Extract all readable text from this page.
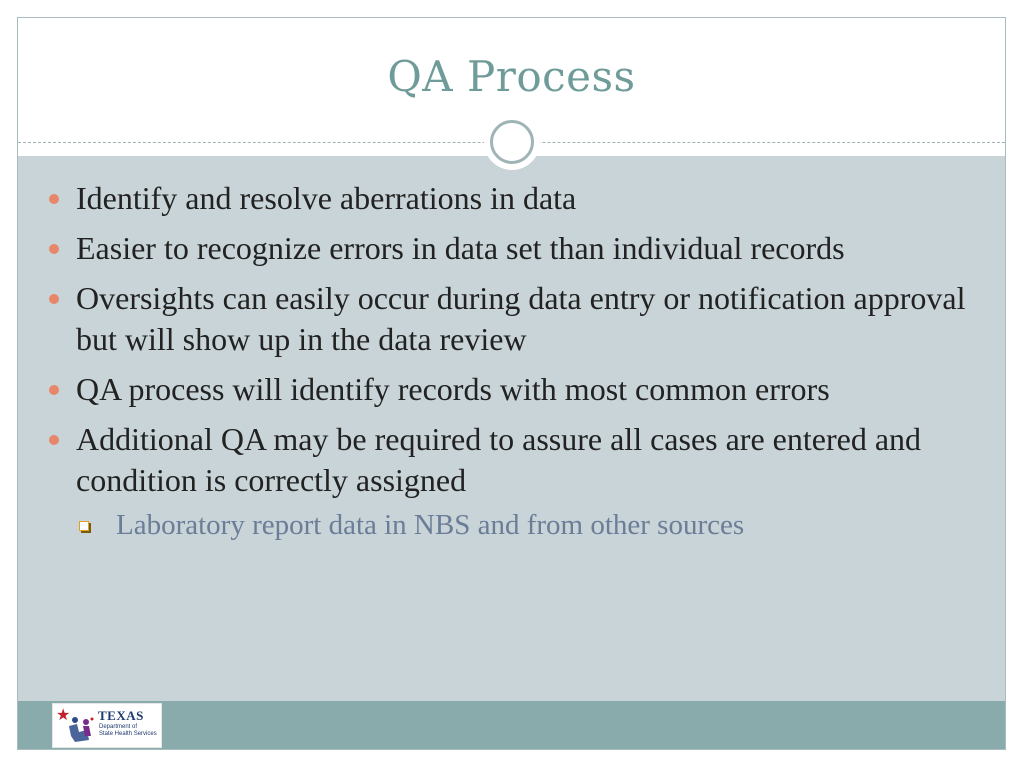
QA Process
Identify and resolve aberrations in data
Easier to recognize errors in data set than individual records
Oversights can easily occur during data entry or notification approval but will show up in the data review
QA process will identify records with most common errors
Additional QA may be required to assure all cases are entered and condition is correctly assigned
Laboratory report data in NBS and from other sources
★ TEXAS
Department of
State Health Services
